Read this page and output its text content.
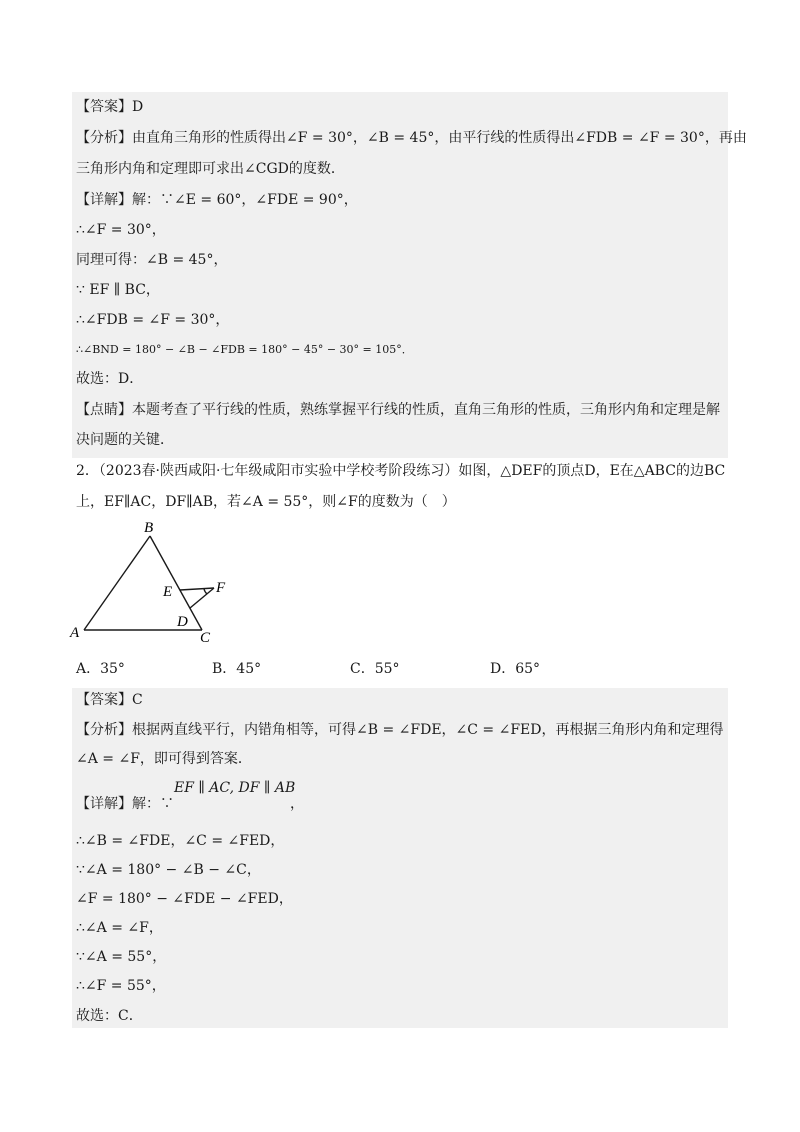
【答案】D
【分析】由直角三角形的性质得出∠F = 30°，∠B = 45°，由平行线的性质得出∠FDB = ∠F = 30°，再由
三角形内角和定理即可求出∠CGD的度数．
【详解】解：∵∠E = 60°，∠FDE = 90°，
∴∠F = 30°，
同理可得：∠B = 45°，
∵ EF ∥ BC，
∴∠FDB = ∠F = 30°，
∴∠BND = 180° − ∠B − ∠FDB = 180° − 45° − 30° = 105°．
故选：D．
【点睛】本题考查了平行线的性质，熟练掌握平行线的性质，直角三角形的性质，三角形内角和定理是解
决问题的关键．
2．（2023春·陕西咸阳·七年级咸阳市实验中学校考阶段练习）如图，△DEF的顶点D，E在△ABC的边BC
上，EF∥AC，DF∥AB，若∠A = 55°，则∠F的度数为（　）
B
E	F
D
C
A
A．35°	B．45°	C．55°	D．65°
【答案】C
【分析】根据两直线平行，内错角相等，可得∠B = ∠FDE，∠C = ∠FED，再根据三角形内角和定理得
∠A = ∠F，即可得到答案．
【详解】解：∵
EF ∥ AC, DF ∥ AB
，
∴∠B = ∠FDE，∠C = ∠FED，
∵∠A = 180° − ∠B − ∠C，
∠F = 180° − ∠FDE − ∠FED，
∴∠A = ∠F，
∵∠A = 55°，
∴∠F = 55°，
故选：C．
